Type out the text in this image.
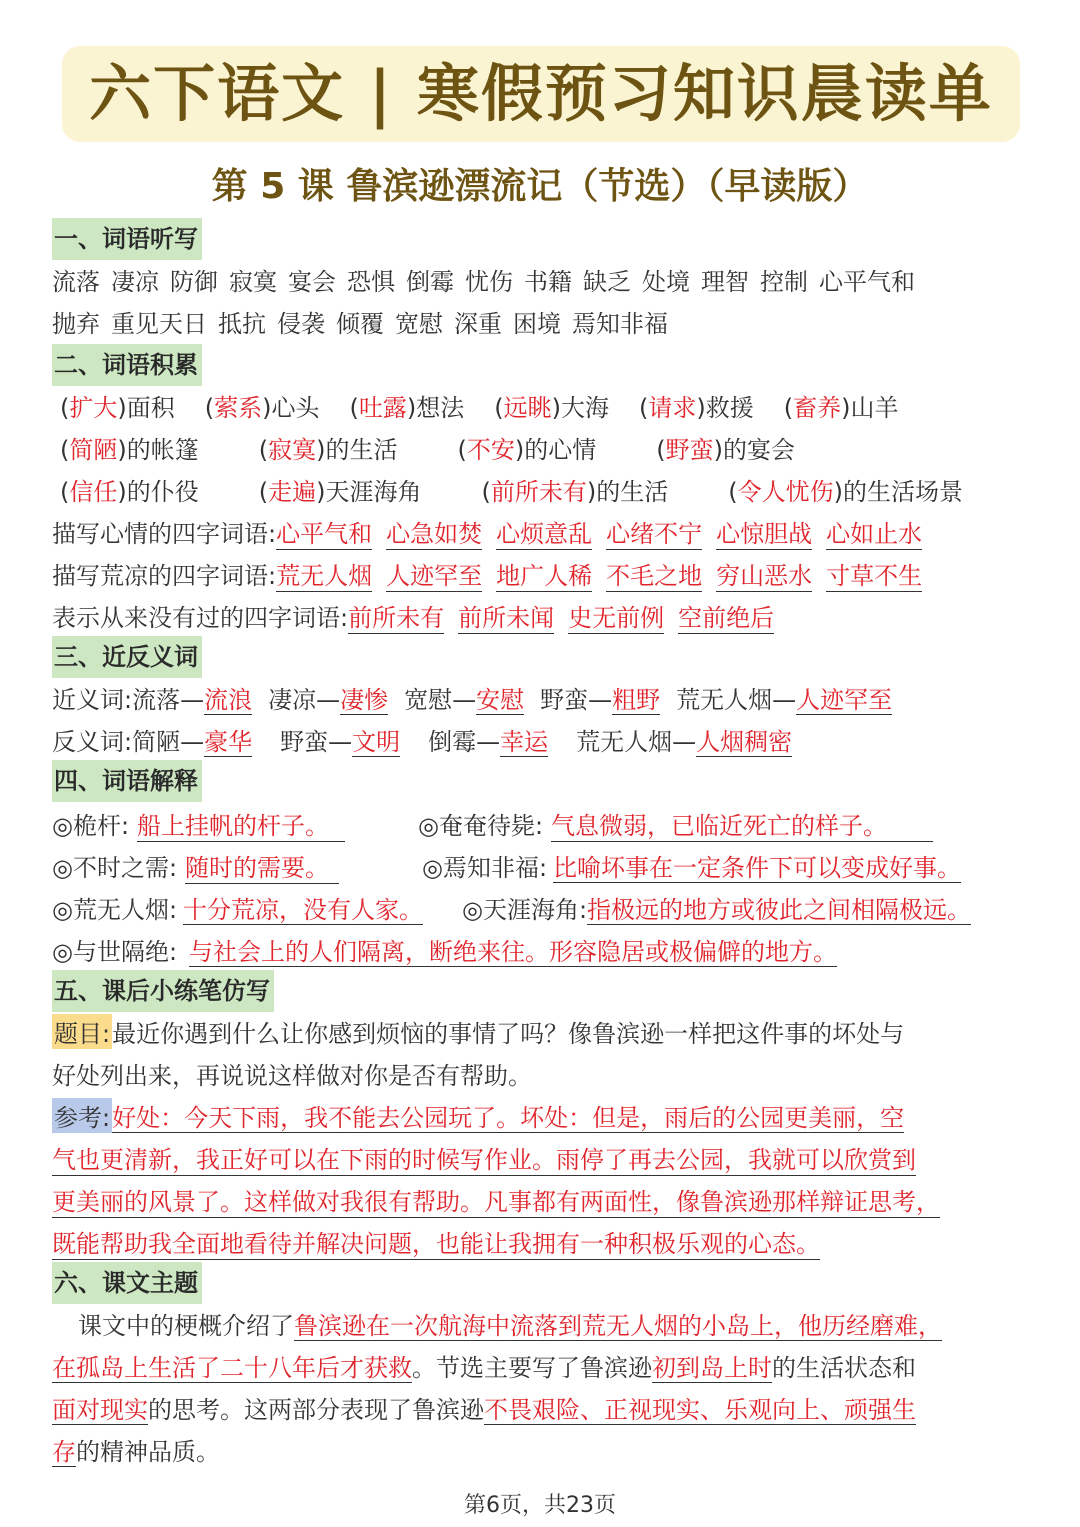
六下语文 | 寒假预习知识晨读单
第 5 课 鲁滨逊漂流记（节选）（早读版）
一、词语听写
流落 凄凉 防御 寂寞 宴会 恐惧 倒霉 忧伤 书籍 缺乏 处境 理智 控制 心平气和
抛弃 重见天日 抵抗 侵袭 倾覆 宽慰 深重 困境 焉知非福
二、词语积累
(扩大)面积 (萦系)心头 (吐露)想法 (远眺)大海 (请求)救援 (畜养)山羊
(简陋)的帐篷	(寂寞)的生活	(不安)的心情	(野蛮)的宴会
(信任)的仆役	(走遍)天涯海角	(前所未有)的生活	(令人忧伤)的生活场景
描写心情的四字词语:心平气和 心急如焚 心烦意乱 心绪不宁 心惊胆战 心如止水
描写荒凉的四字词语:荒无人烟 人迹罕至 地广人稀 不毛之地 穷山恶水 寸草不生
表示从来没有过的四字词语:前所未有 前所未闻 史无前例 空前绝后
三、近反义词
近义词:流落—流浪 凄凉—凄惨 宽慰—安慰 野蛮—粗野 荒无人烟—人迹罕至
反义词:简陋—豪华 野蛮—文明 倒霉—幸运 荒无人烟—人烟稠密
四、词语解释
◎桅杆: 船上挂帆的杆子。	◎奄奄待毙: 气息微弱，已临近死亡的样子。
◎不时之需: 随时的需要。	◎焉知非福: 比喻坏事在一定条件下可以变成好事。
◎荒无人烟: 十分荒凉，没有人家。 ◎天涯海角:指极远的地方或彼此之间相隔极远。
◎与世隔绝: 与社会上的人们隔离，断绝来往。形容隐居或极偏僻的地方。
五、课后小练笔仿写
题目:最近你遇到什么让你感到烦恼的事情了吗？像鲁滨逊一样把这件事的坏处与
好处列出来，再说说这样做对你是否有帮助。
参考:好处：今天下雨，我不能去公园玩了。坏处：但是，雨后的公园更美丽，空
气也更清新，我正好可以在下雨的时候写作业。雨停了再去公园，我就可以欣赏到
更美丽的风景了。这样做对我很有帮助。凡事都有两面性，像鲁滨逊那样辩证思考，
既能帮助我全面地看待并解决问题，也能让我拥有一种积极乐观的心态。
六、课文主题
课文中的梗概介绍了鲁滨逊在一次航海中流落到荒无人烟的小岛上，他历经磨难，
在孤岛上生活了二十八年后才获救。节选主要写了鲁滨逊初到岛上时的生活状态和
面对现实的思考。这两部分表现了鲁滨逊不畏艰险、正视现实、乐观向上、顽强生
存的精神品质。
第6页，共23页
